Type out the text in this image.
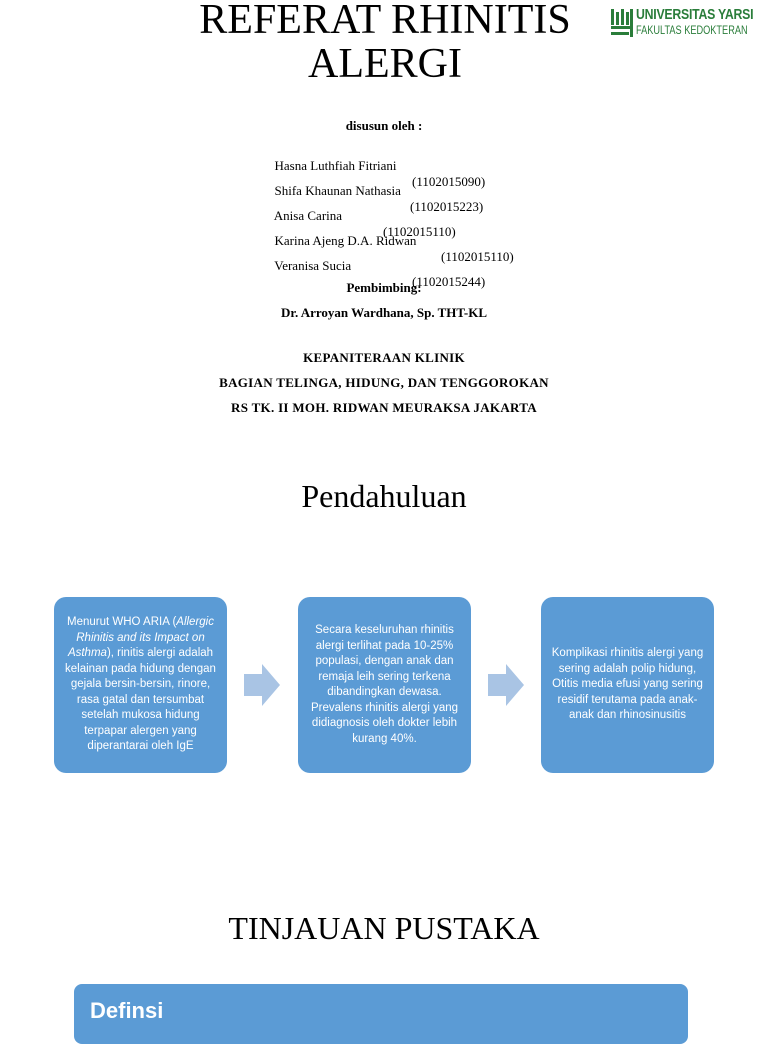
REFERAT RHINITIS
ALERGI
UNIVERSITAS YARSI
FAKULTAS KEDOKTERAN
disusun oleh :

Hasna Luthfiah Fitriani

(1102015090)

Shifa Khaunan Nathasia

(1102015223)

Anisa Carina

(1102015110)

Karina Ajeng D.A. Ridwan

(1102015110)

Veranisa Sucia

(1102015244)

Pembimbing:
Dr. Arroyan Wardhana, Sp. THT-KL
KEPANITERAAN KLINIK
BAGIAN TELINGA, HIDUNG, DAN TENGGOROKAN
RS TK. II MOH. RIDWAN MEURAKSA JAKARTA
Pendahuluan
Menurut WHO ARIA (Allergic Rhinitis and its Impact on Asthma), rinitis alergi adalah kelainan pada hidung dengan gejala bersin-bersin, rinore, rasa gatal dan tersumbat setelah mukosa hidung terpapar alergen yang diperantarai oleh IgE
Secara keseluruhan rhinitis alergi terlihat pada 10-25% populasi, dengan anak dan remaja leih sering terkena dibandingkan dewasa. Prevalens rhinitis alergi yang didiagnosis oleh dokter lebih kurang 40%.
Komplikasi rhinitis alergi yang sering adalah polip hidung, Otitis media efusi yang sering residif terutama pada anak-anak dan rhinosinusitis
TINJAUAN PUSTAKA
Definsi
